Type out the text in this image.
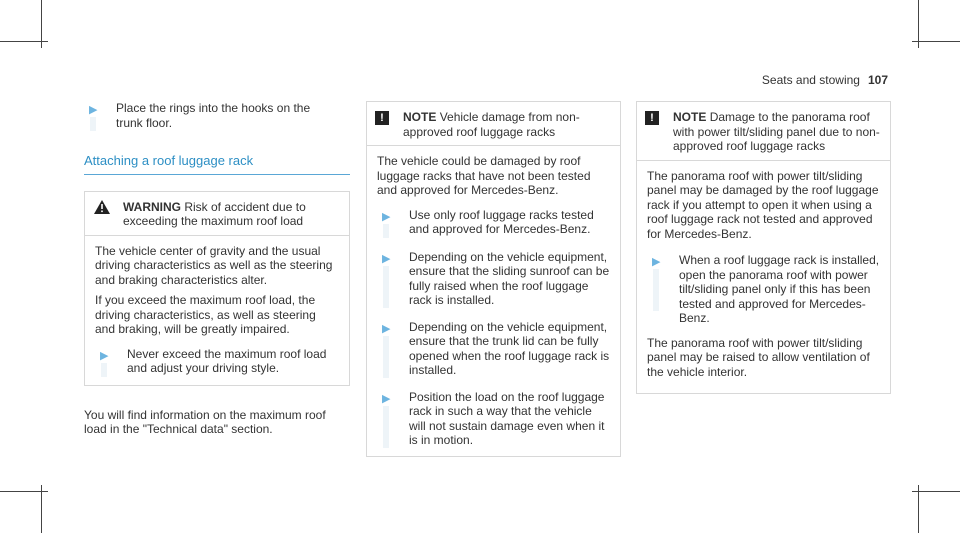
Seats and stowing 107
▶ Place the rings into the hooks on the trunk floor.
Attaching a roof luggage rack
WARNING Risk of accident due to exceeding the maximum roof load

The vehicle center of gravity and the usual driving characteristics as well as the steering and braking characteristics alter.

If you exceed the maximum roof load, the driving characteristics, as well as steering and braking, will be greatly impaired.

▶ Never exceed the maximum roof load and adjust your driving style.
You will find information on the maximum roof load in the "Technical data" section.
!	NOTE Vehicle damage from non-approved roof luggage racks

The vehicle could be damaged by roof luggage racks that have not been tested and approved for Mercedes-Benz.

▶ Use only roof luggage racks tested and approved for Mercedes-Benz.
▶ Depending on the vehicle equipment, ensure that the sliding sunroof can be fully raised when the roof luggage rack is installed.
▶ Depending on the vehicle equipment, ensure that the trunk lid can be fully opened when the roof luggage rack is installed.
▶ Position the load on the roof luggage rack in such a way that the vehicle will not sustain damage even when it is in motion.
!	NOTE Damage to the panorama roof with power tilt/sliding panel due to non-approved roof luggage racks

The panorama roof with power tilt/sliding panel may be damaged by the roof luggage rack if you attempt to open it when using a roof luggage rack not tested and approved for Mercedes-Benz.

▶ When a roof luggage rack is installed, open the panorama roof with power tilt/sliding panel only if this has been tested and approved for Mercedes-Benz.

The panorama roof with power tilt/sliding panel may be raised to allow ventilation of the vehicle interior.
